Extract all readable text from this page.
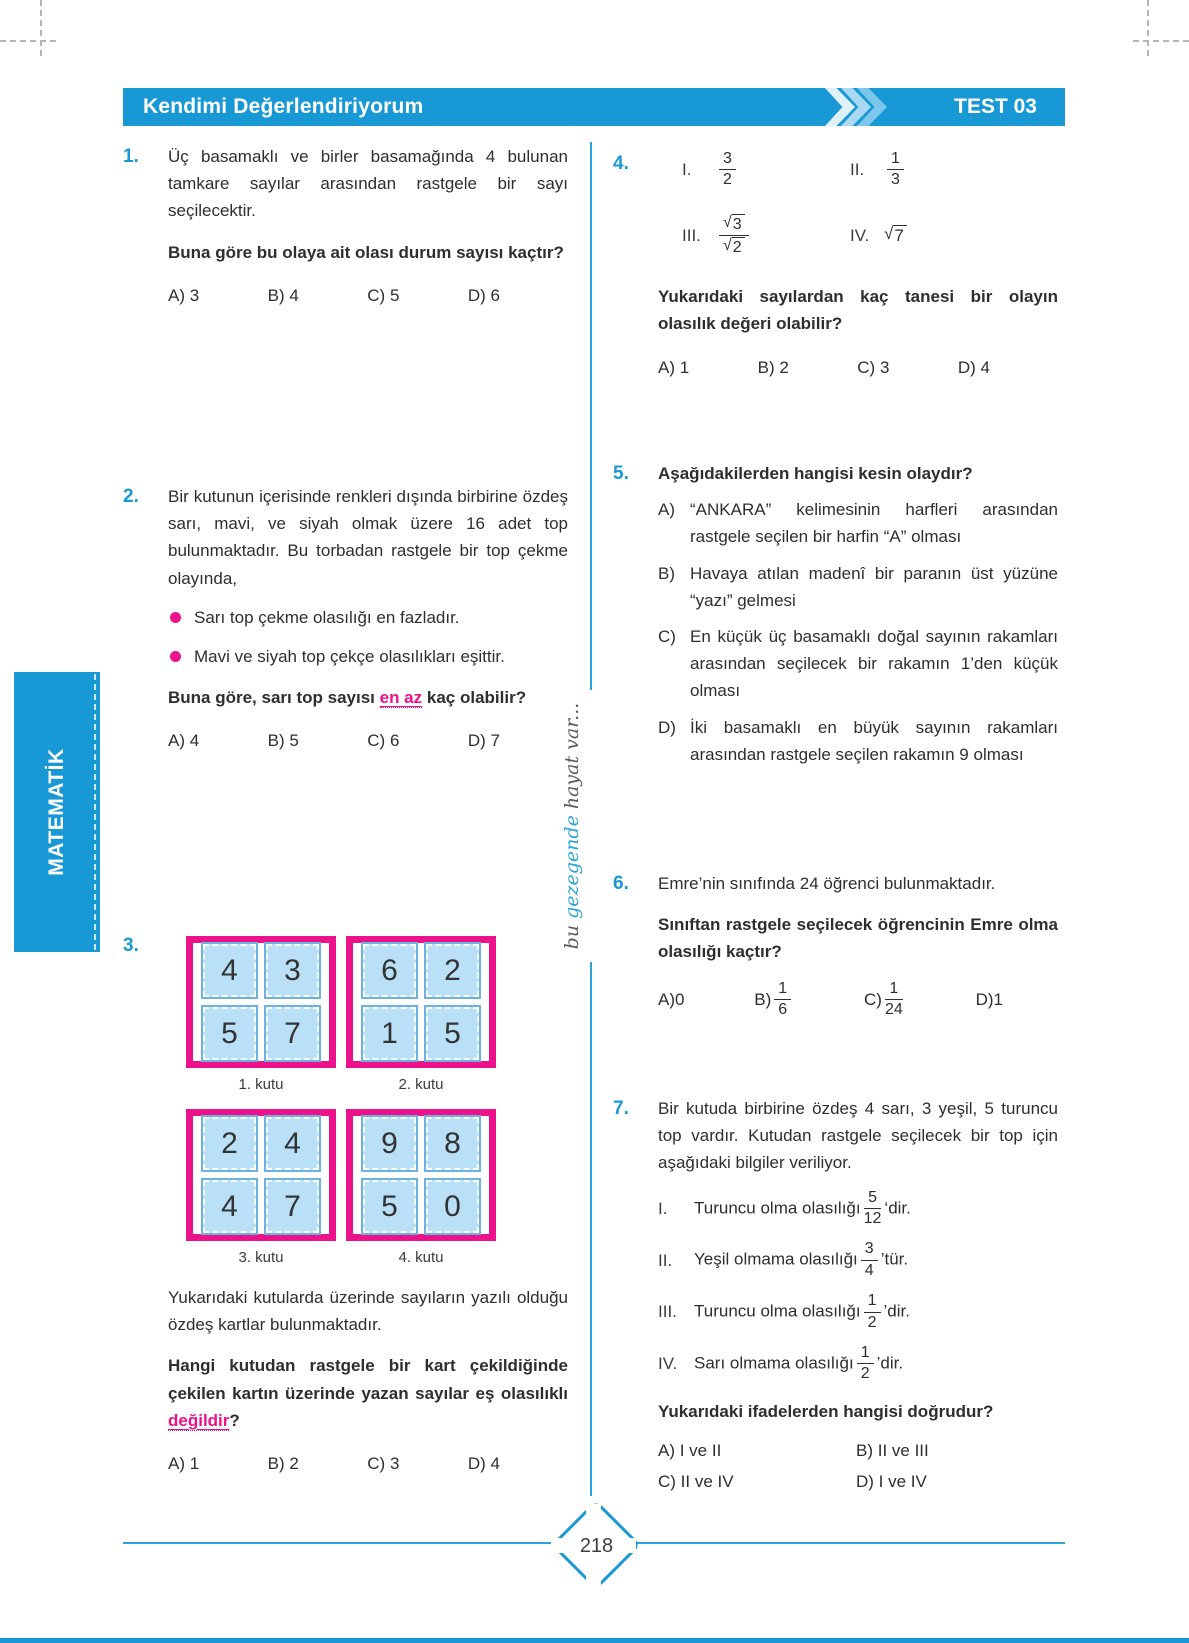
Kendimi Değerlendiriyorum	TEST 03
MATEMATİK
bu gezegende hayat var...
1. Üç basamaklı ve birler basamağında 4 bulunan tamkare sayılar arasından rastgele bir sayı seçilecektir.
Buna göre bu olaya ait olası durum sayısı kaçtır?
A) 3	B) 4	C) 5	D) 6
2. Bir kutunun içerisinde renkleri dışında birbirine özdeş sarı, mavi, ve siyah olmak üzere 16 adet top bulunmaktadır. Bu torbadan rastgele bir top çekme olayında,
Sarı top çekme olasılığı en fazladır.
Mavi ve siyah top çekçe olasılıkları eşittir.
Buna göre, sarı top sayısı en az kaç olabilir?
A) 4	B) 5	C) 6	D) 7
3.
4	3
5	7
1. kutu
6	2
1	5
2. kutu
2	4
4	7
3. kutu
9	8
5	0
4. kutu
Yukarıdaki kutularda üzerinde sayıların yazılı olduğu özdeş kartlar bulunmaktadır.
Hangi kutudan rastgele bir kart çekildiğinde çekilen kartın üzerinde yazan sayılar eş olasılıklı değildir?
A) 1	B) 2	C) 3	D) 4
4.	I.	$\frac{3}{2}$	II.	$\frac{1}{3}$
III.	$\frac{√ 3}{√ 2}$	IV. √ 7
Yukarıdaki sayılardan kaç tanesi bir olayın olasılık değeri olabilir?
A) 1	B) 2	C) 3	D) 4
5. Aşağıdakilerden hangisi kesin olaydır?
A) “ANKARA” kelimesinin harfleri arasından rastgele seçilen bir harfin “A” olması
B) Havaya atılan madenî bir paranın üst yüzüne “yazı” gelmesi
C) En küçük üç basamaklı doğal sayının rakamları arasından seçilecek bir rakamın 1’den küçük olması
D) İki basamaklı en büyük sayının rakamları arasından rastgele seçilen rakamın 9 olması
6. Emre’nin sınıfında 24 öğrenci bulunmaktadır.
Sınıftan rastgele seçilecek öğrencinin Emre olma olasılığı kaçtır?
A) 0	$B) \frac{1}{6}$	$C) \frac{1}{24}$	D) 1
7. Bir kutuda birbirine özdeş 4 sarı, 3 yeşil, 5 turuncu top vardır. Kutudan rastgele seçilecek bir top için aşağıdaki bilgiler veriliyor.
I.	Turuncu olma olasılığı $\frac{5}{12}$ ‘dir.
II.	Yeşil olmama olasılığı $\frac{3}{4}$ ’tür.
III.	Turuncu olma olasılığı $\frac{1}{2}$ ’dir.
IV. Sarı olmama olasılığı $\frac{1}{2}$ ’dir.
Yukarıdaki ifadelerden hangisi doğrudur?
A) I ve II	B) II ve III
C) II ve IV	D) I ve IV
218
